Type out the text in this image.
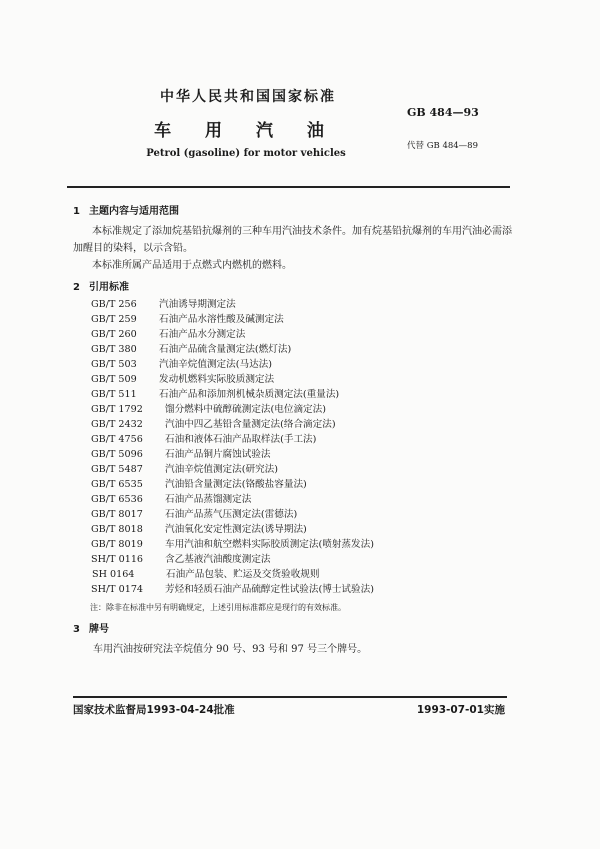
中华人民共和国国家标准
GB 484—93
车 用 汽 油
代替 GB 484—89
Petrol (gasoline) for motor vehicles
1 主题内容与适用范围
本标准规定了添加烷基铅抗爆剂的三种车用汽油技术条件。加有烷基铅抗爆剂的车用汽油必需添
加醒目的染料，以示含铅。
本标准所属产品适用于点燃式内燃机的燃料。
2 引用标准
GB/T 256 汽油诱导期测定法
GB/T 259 石油产品水溶性酸及碱测定法
GB/T 260 石油产品水分测定法
GB/T 380 石油产品硫含量测定法(燃灯法)
GB/T 503 汽油辛烷值测定法(马达法)
GB/T 509 发动机燃料实际胶质测定法
GB/T 511 石油产品和添加剂机械杂质测定法(重量法)
GB/T 1792 馏分燃料中硫醇硫测定法(电位滴定法)
GB/T 2432 汽油中四乙基铅含量测定法(络合滴定法)
GB/T 4756 石油和液体石油产品取样法(手工法)
GB/T 5096 石油产品铜片腐蚀试验法
GB/T 5487 汽油辛烷值测定法(研究法)
GB/T 6535 汽油铅含量测定法(铬酸盐容量法)
GB/T 6536 石油产品蒸馏测定法
GB/T 8017 石油产品蒸气压测定法(雷德法)
GB/T 8018 汽油氧化安定性测定法(诱导期法)
GB/T 8019 车用汽油和航空燃料实际胶质测定法(喷射蒸发法)
SH/T 0116 含乙基液汽油酸度测定法
SH 0164	石油产品包装、贮运及交货验收规则
SH/T 0174 芳烃和轻质石油产品硫醇定性试验法(博士试验法)
注：除非在标准中另有明确规定，上述引用标准都应是现行的有效标准。
3 牌号
车用汽油按研究法辛烷值分 90 号、93 号和 97 号三个牌号。
国家技术监督局1993-04-24批准	1993-07-01实施
